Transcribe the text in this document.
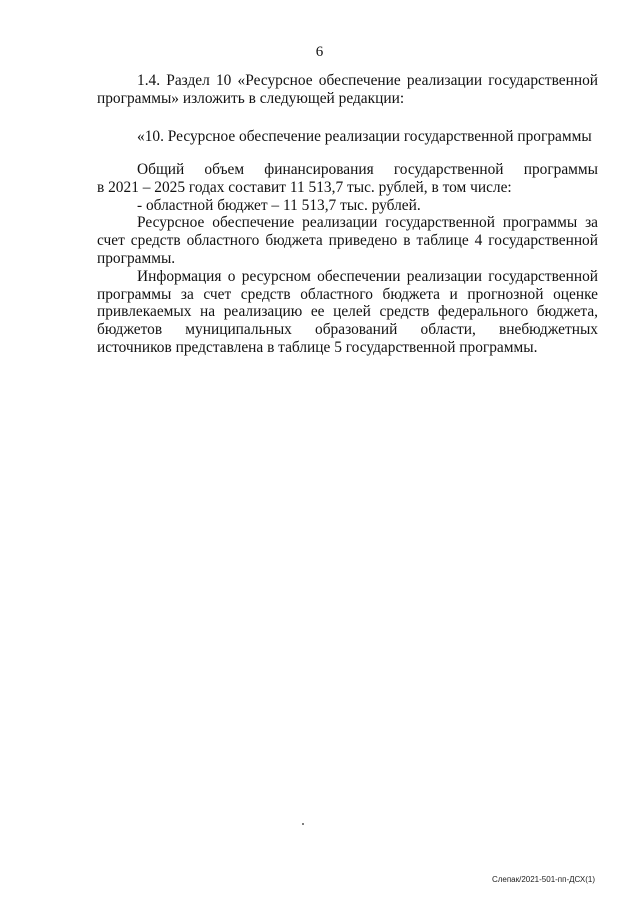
6

1.4. Раздел 10 «Ресурсное обеспечение реализации государственной программы» изложить в следующей редакции:

«10. Ресурсное обеспечение реализации государственной программы

Общий объем финансирования государственной программы

в 2021 – 2025 годах составит 11 513,7 тыс. рублей, в том числе:

- областной бюджет – 11 513,7 тыс. рублей.

Ресурсное обеспечение реализации государственной программы за счет средств областного бюджета приведено в таблице 4 государственной программы.

Информация о ресурсном обеспечении реализации государственной программы за счет средств областного бюджета и прогнозной оценке привлекаемых на реализацию ее целей средств федерального бюджета, бюджетов муниципальных образований области, внебюджетных источников представлена в таблице 5 государственной программы.

Слепак/2021-501-пп-ДСХ(1)
